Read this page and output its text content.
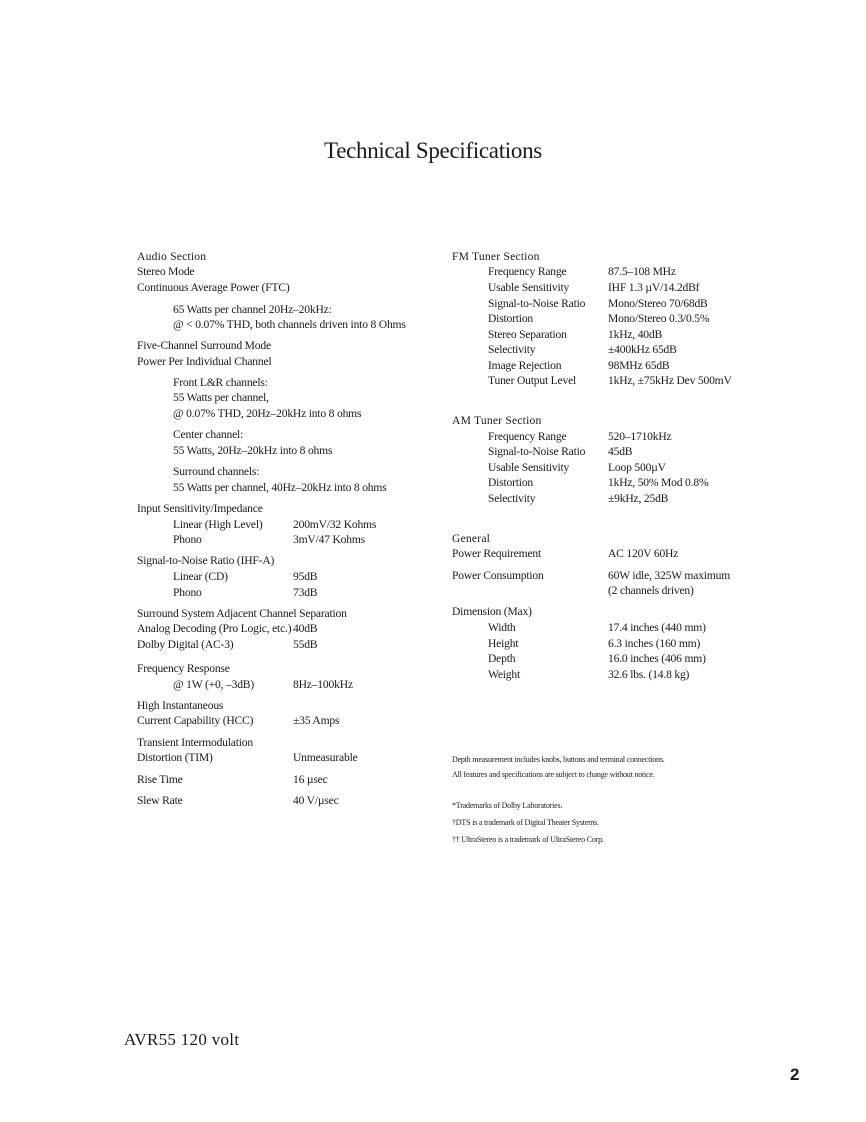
Technical Specifications
Audio Section
Stereo Mode
Continuous Average Power (FTC)
65 Watts per channel 20Hz–20kHz:
@ < 0.07% THD, both channels driven into 8 Ohms
Five-Channel Surround Mode
Power Per Individual Channel
Front L&R channels:
55 Watts per channel,
@ 0.07% THD, 20Hz–20kHz into 8 ohms
Center channel:
55 Watts, 20Hz–20kHz into 8 ohms
Surround channels:
55 Watts per channel, 40Hz–20kHz into 8 ohms
Input Sensitivity/Impedance
Linear (High Level)	200mV/32 Kohms
Phono	3mV/47 Kohms
Signal-to-Noise Ratio (IHF-A)
Linear (CD)	95dB
Phono	73dB
Surround System Adjacent Channel Separation
Analog Decoding (Pro Logic, etc.) 40dB
Dolby Digital (AC-3)	55dB
Frequency Response
@ 1W (+0, –3dB)	8Hz–100kHz
High Instantaneous
Current Capability (HCC)	±35 Amps
Transient Intermodulation
Distortion (TIM)	Unmeasurable
Rise Time	16 µsec
Slew Rate	40 V/µsec
FM Tuner Section
Frequency Range	87.5–108 MHz
Usable Sensitivity	IHF 1.3 µV/14.2dBf
Signal-to-Noise Ratio Mono/Stereo 70/68dB
Distortion	Mono/Stereo 0.3/0.5%
Stereo Separation	1kHz, 40dB
Selectivity	±400kHz 65dB
Image Rejection	98MHz 65dB
Tuner Output Level	1kHz, ±75kHz Dev 500mV
AM Tuner Section
Frequency Range	520–1710kHz
Signal-to-Noise Ratio 45dB
Usable Sensitivity	Loop 500µV
Distortion	1kHz, 50% Mod 0.8%
Selectivity	±9kHz, 25dB
General
Power Requirement	AC 120V 60Hz
Power Consumption	60W idle, 325W maximum
(2 channels driven)
Dimension (Max)
Width	17.4 inches (440 mm)
Height	6.3 inches (160 mm)
Depth	16.0 inches (406 mm)
Weight	32.6 lbs. (14.8 kg)
Depth measurement includes knobs, buttons and terminal connections.
All features and specifications are subject to change without notice.
*Trademarks of Dolby Laboratories.
†DTS is a trademark of Digital Theater Systems.
†† UltraStereo is a trademark of UltraStereo Corp.
AVR55 120 volt
2
